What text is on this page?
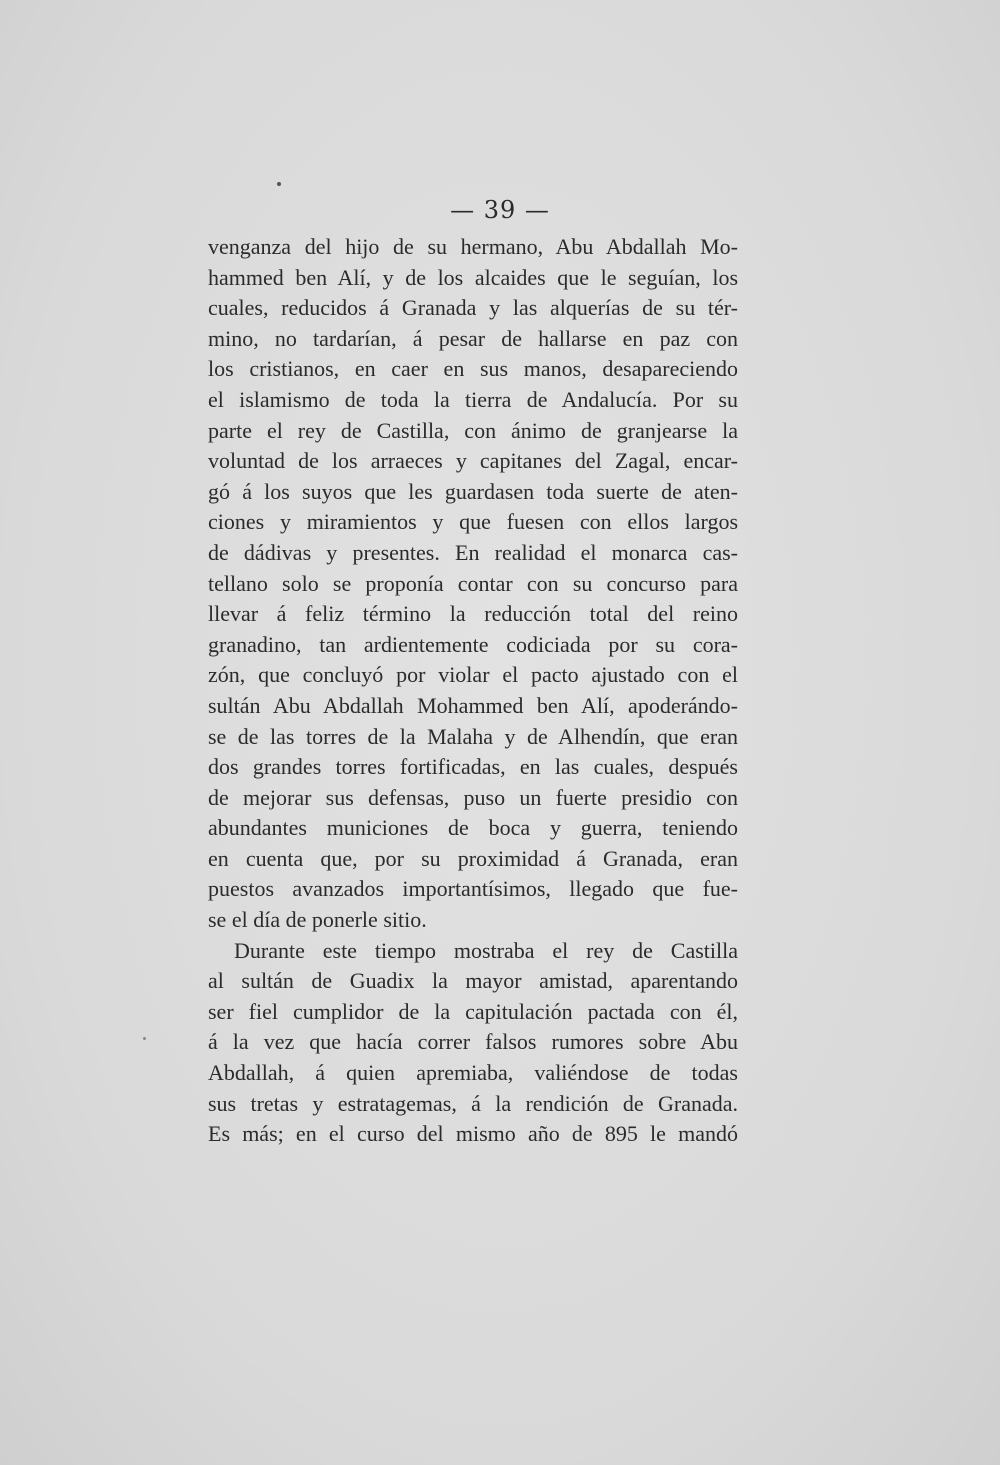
— 39 —
venganza del hijo de su hermano, Abu Abdallah Mo-
hammed ben Alí, y de los alcaides que le seguían, los
cuales, reducidos á Granada y las alquerías de su tér-
mino, no tardarían, á pesar de hallarse en paz con
los cristianos, en caer en sus manos, desapareciendo
el islamismo de toda la tierra de Andalucía. Por su
parte el rey de Castilla, con ánimo de granjearse la
voluntad de los arraeces y capitanes del Zagal, encar-
gó á los suyos que les guardasen toda suerte de aten-
ciones y miramientos y que fuesen con ellos largos
de dádivas y presentes. En realidad el monarca cas-
tellano solo se proponía contar con su concurso para
llevar á feliz término la reducción total del reino
granadino, tan ardientemente codiciada por su cora-
zón, que concluyó por violar el pacto ajustado con el
sultán Abu Abdallah Mohammed ben Alí, apoderándo-
se de las torres de la Malaha y de Alhendín, que eran
dos grandes torres fortificadas, en las cuales, después
de mejorar sus defensas, puso un fuerte presidio con
abundantes municiones de boca y guerra, teniendo
en cuenta que, por su proximidad á Granada, eran
puestos avanzados importantísimos, llegado que fue-
se el día de ponerle sitio.
Durante este tiempo mostraba el rey de Castilla
al sultán de Guadix la mayor amistad, aparentando
ser fiel cumplidor de la capitulación pactada con él,
á la vez que hacía correr falsos rumores sobre Abu
Abdallah, á quien apremiaba, valiéndose de todas
sus tretas y estratagemas, á la rendición de Granada.
Es más; en el curso del mismo año de 895 le mandó
